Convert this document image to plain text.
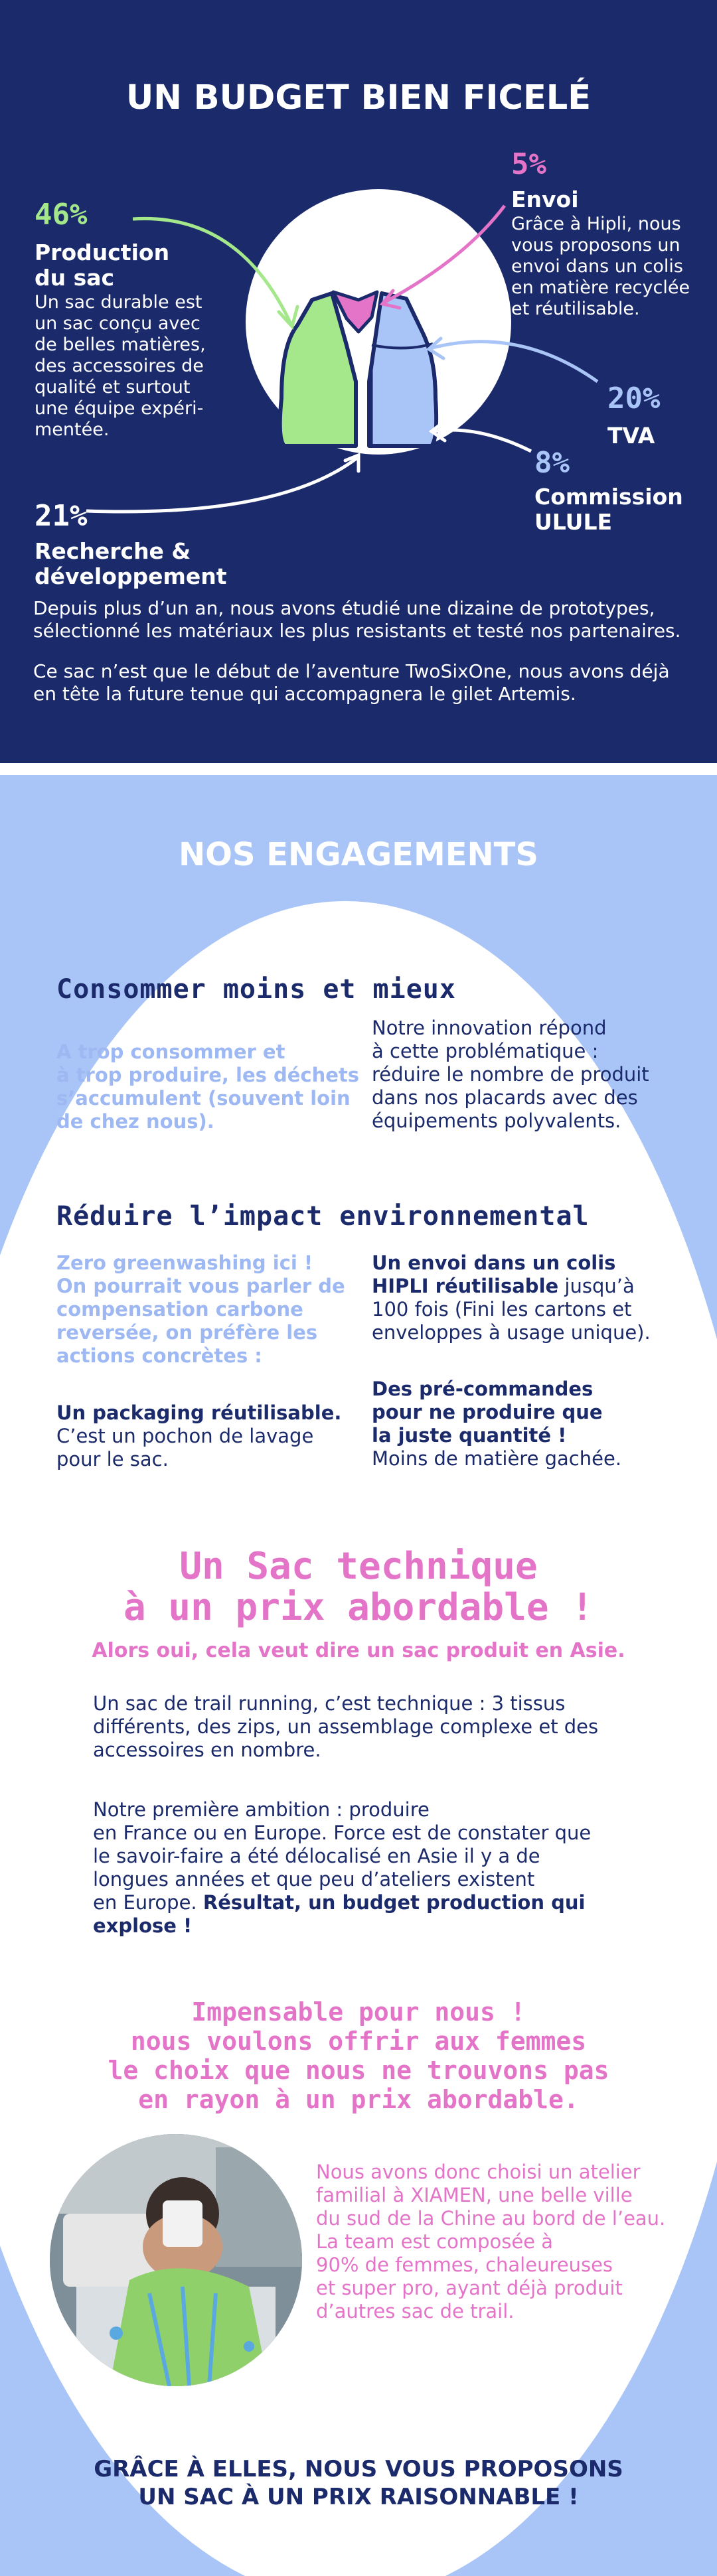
UN BUDGET BIEN FICELÉ
46%
Production
du sac
Un sac durable est
un sac conçu avec
de belles matières,
des accessoires de
qualité et surtout
une équipe expéri-
mentée.
5%
Envoi
Grâce à Hipli, nous
vous proposons un
envoi dans un colis
en matière recyclée
et réutilisable.
20%
TVA
8%
Commission
ULULE
21%
Recherche &
développement
Depuis plus d’un an, nous avons étudié une dizaine de prototypes, sélectionné les matériaux les plus resistants et testé nos partenaires.
Ce sac n’est que le début de l’aventure TwoSixOne, nous avons déjà en tête la future tenue qui accompagnera le gilet Artemis.
NOS ENGAGEMENTS
Consommer moins et mieux
A trop consommer et
à trop produire, les déchets
s’accumulent (souvent loin
de chez nous).
Notre innovation répond
à cette problématique :
réduire le nombre de produit
dans nos placards avec des
équipements polyvalents.
Réduire l’impact environnemental
Zero greenwashing ici !
On pourrait vous parler de
compensation carbone
reversée, on préfère les
actions concrètes :
Un packaging réutilisable.
C’est un pochon de lavage
pour le sac.
Un envoi dans un colis
HIPLI réutilisable jusqu’à
100 fois (Fini les cartons et
enveloppes à usage unique).
Des pré-commandes
pour ne produire que
la juste quantité !
Moins de matière gachée.
Un Sac technique
à un prix abordable !
Alors oui, cela veut dire un sac produit en Asie.
Un sac de trail running, c’est technique : 3 tissus
différents, des zips, un assemblage complexe et des
accessoires en nombre.
Notre première ambition : produire
en France ou en Europe. Force est de constater que
le savoir-faire a été délocalisé en Asie il y a de
longues années et que peu d’ateliers existent
en Europe. Résultat, un budget production qui
explose !
Impensable pour nous !
nous voulons offrir aux femmes
le choix que nous ne trouvons pas
en rayon à un prix abordable.
Nous avons donc choisi un atelier
familial à XIAMEN, une belle ville
du sud de la Chine au bord de l’eau.
La team est composée à
90% de femmes, chaleureuses
et super pro, ayant déjà produit
d’autres sac de trail.
GRÂCE À ELLES, NOUS VOUS PROPOSONS
UN SAC À UN PRIX RAISONNABLE !
